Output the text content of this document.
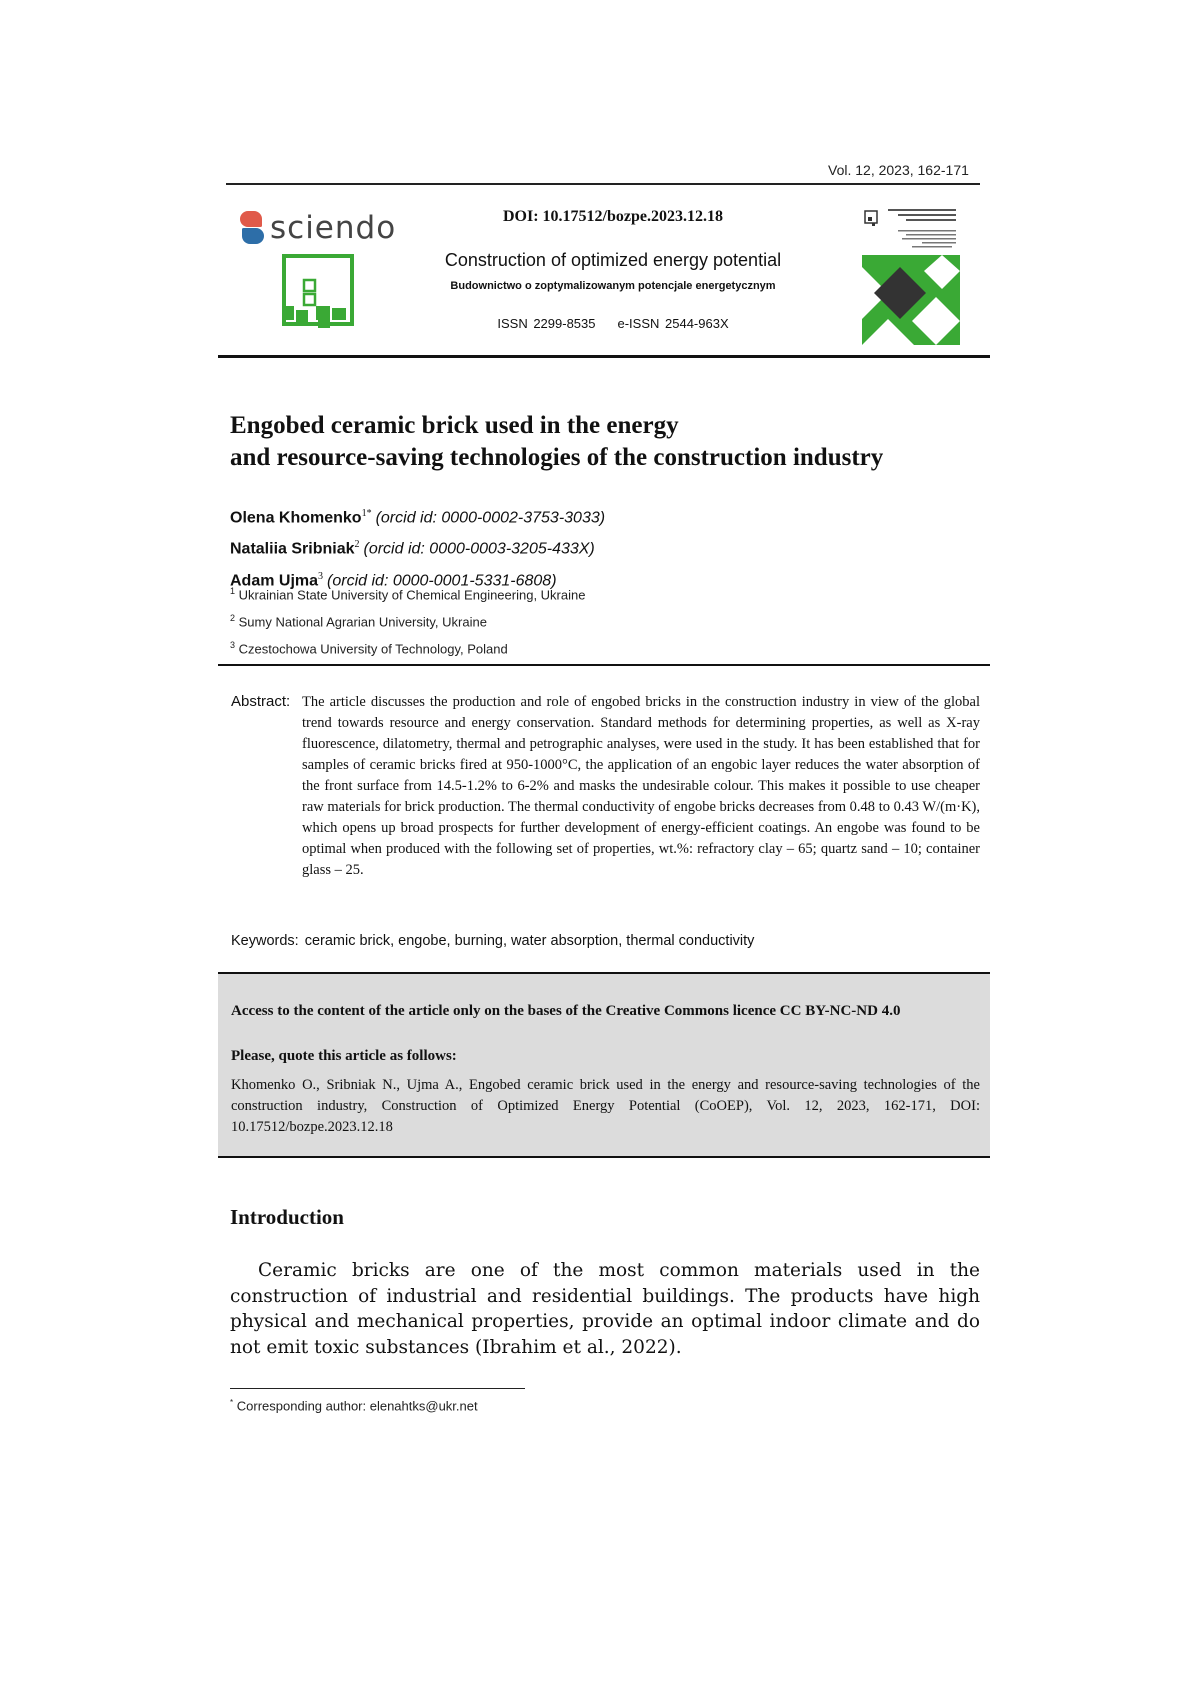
Vol. 12, 2023, 162-171
sciendo	DOI: 10.17512/bozpe.2023.12.18
Construction of optimized energy potential
Budownictwo o zoptymalizowanym potencjale energetycznym
ISSN 2299-8535 e-ISSN 2544-963X
Engobed ceramic brick used in the energy
and resource-saving technologies of the construction industry
Olena Khomenko$^{1*}$ (orcid id: 0000-0002-3753-3033)
Nataliia Sribniak$^2$ (orcid id: 0000-0003-3205-433X)
Adam Ujma$^3$ (orcid id: 0000-0001-5331-6808)
$^1$ Ukrainian State University of Chemical Engineering, Ukraine
$^2$ Sumy National Agrarian University, Ukraine
$^3$ Czestochowa University of Technology, Poland
Abstract: The article discusses the production and role of engobed bricks in the construction industry in view of the global trend towards resource and energy conservation. Standard methods for determining properties, as well as X-ray fluorescence, dilatometry, thermal and petrographic analyses, were used in the study. It has been established that for samples of ceramic bricks fired at 950-1000°C, the application of an engobic layer reduces the water absorption of the front surface from 14.5-1.2% to 6-2% and masks the undesirable colour. This makes it possible to use cheaper raw materials for brick production. The thermal conductivity of engobe bricks decreases from 0.48 to 0.43 W/(m·K), which opens up broad prospects for further development of energy-efficient coatings. An engobe was found to be optimal when produced with the following set of properties, wt.%: refractory clay – 65; quartz sand – 10; container glass – 25.
Keywords: ceramic brick, engobe, burning, water absorption, thermal conductivity
Access to the content of the article only on the bases of the Creative Commons licence CC BY-NC-ND 4.0
Please, quote this article as follows:
Khomenko O., Sribniak N., Ujma A., Engobed ceramic brick used in the energy and resource-saving technologies of the construction industry, Construction of Optimized Energy Potential (CoOEP), Vol. 12, 2023, 162-171, DOI: 10.17512/bozpe.2023.12.18
Introduction
Ceramic bricks are one of the most common materials used in the construction of industrial and residential buildings. The products have high physical and mechanical properties, provide an optimal indoor climate and do not emit toxic substances (Ibrahim et al., 2022).
* Corresponding author: elenahtks@ukr.net
